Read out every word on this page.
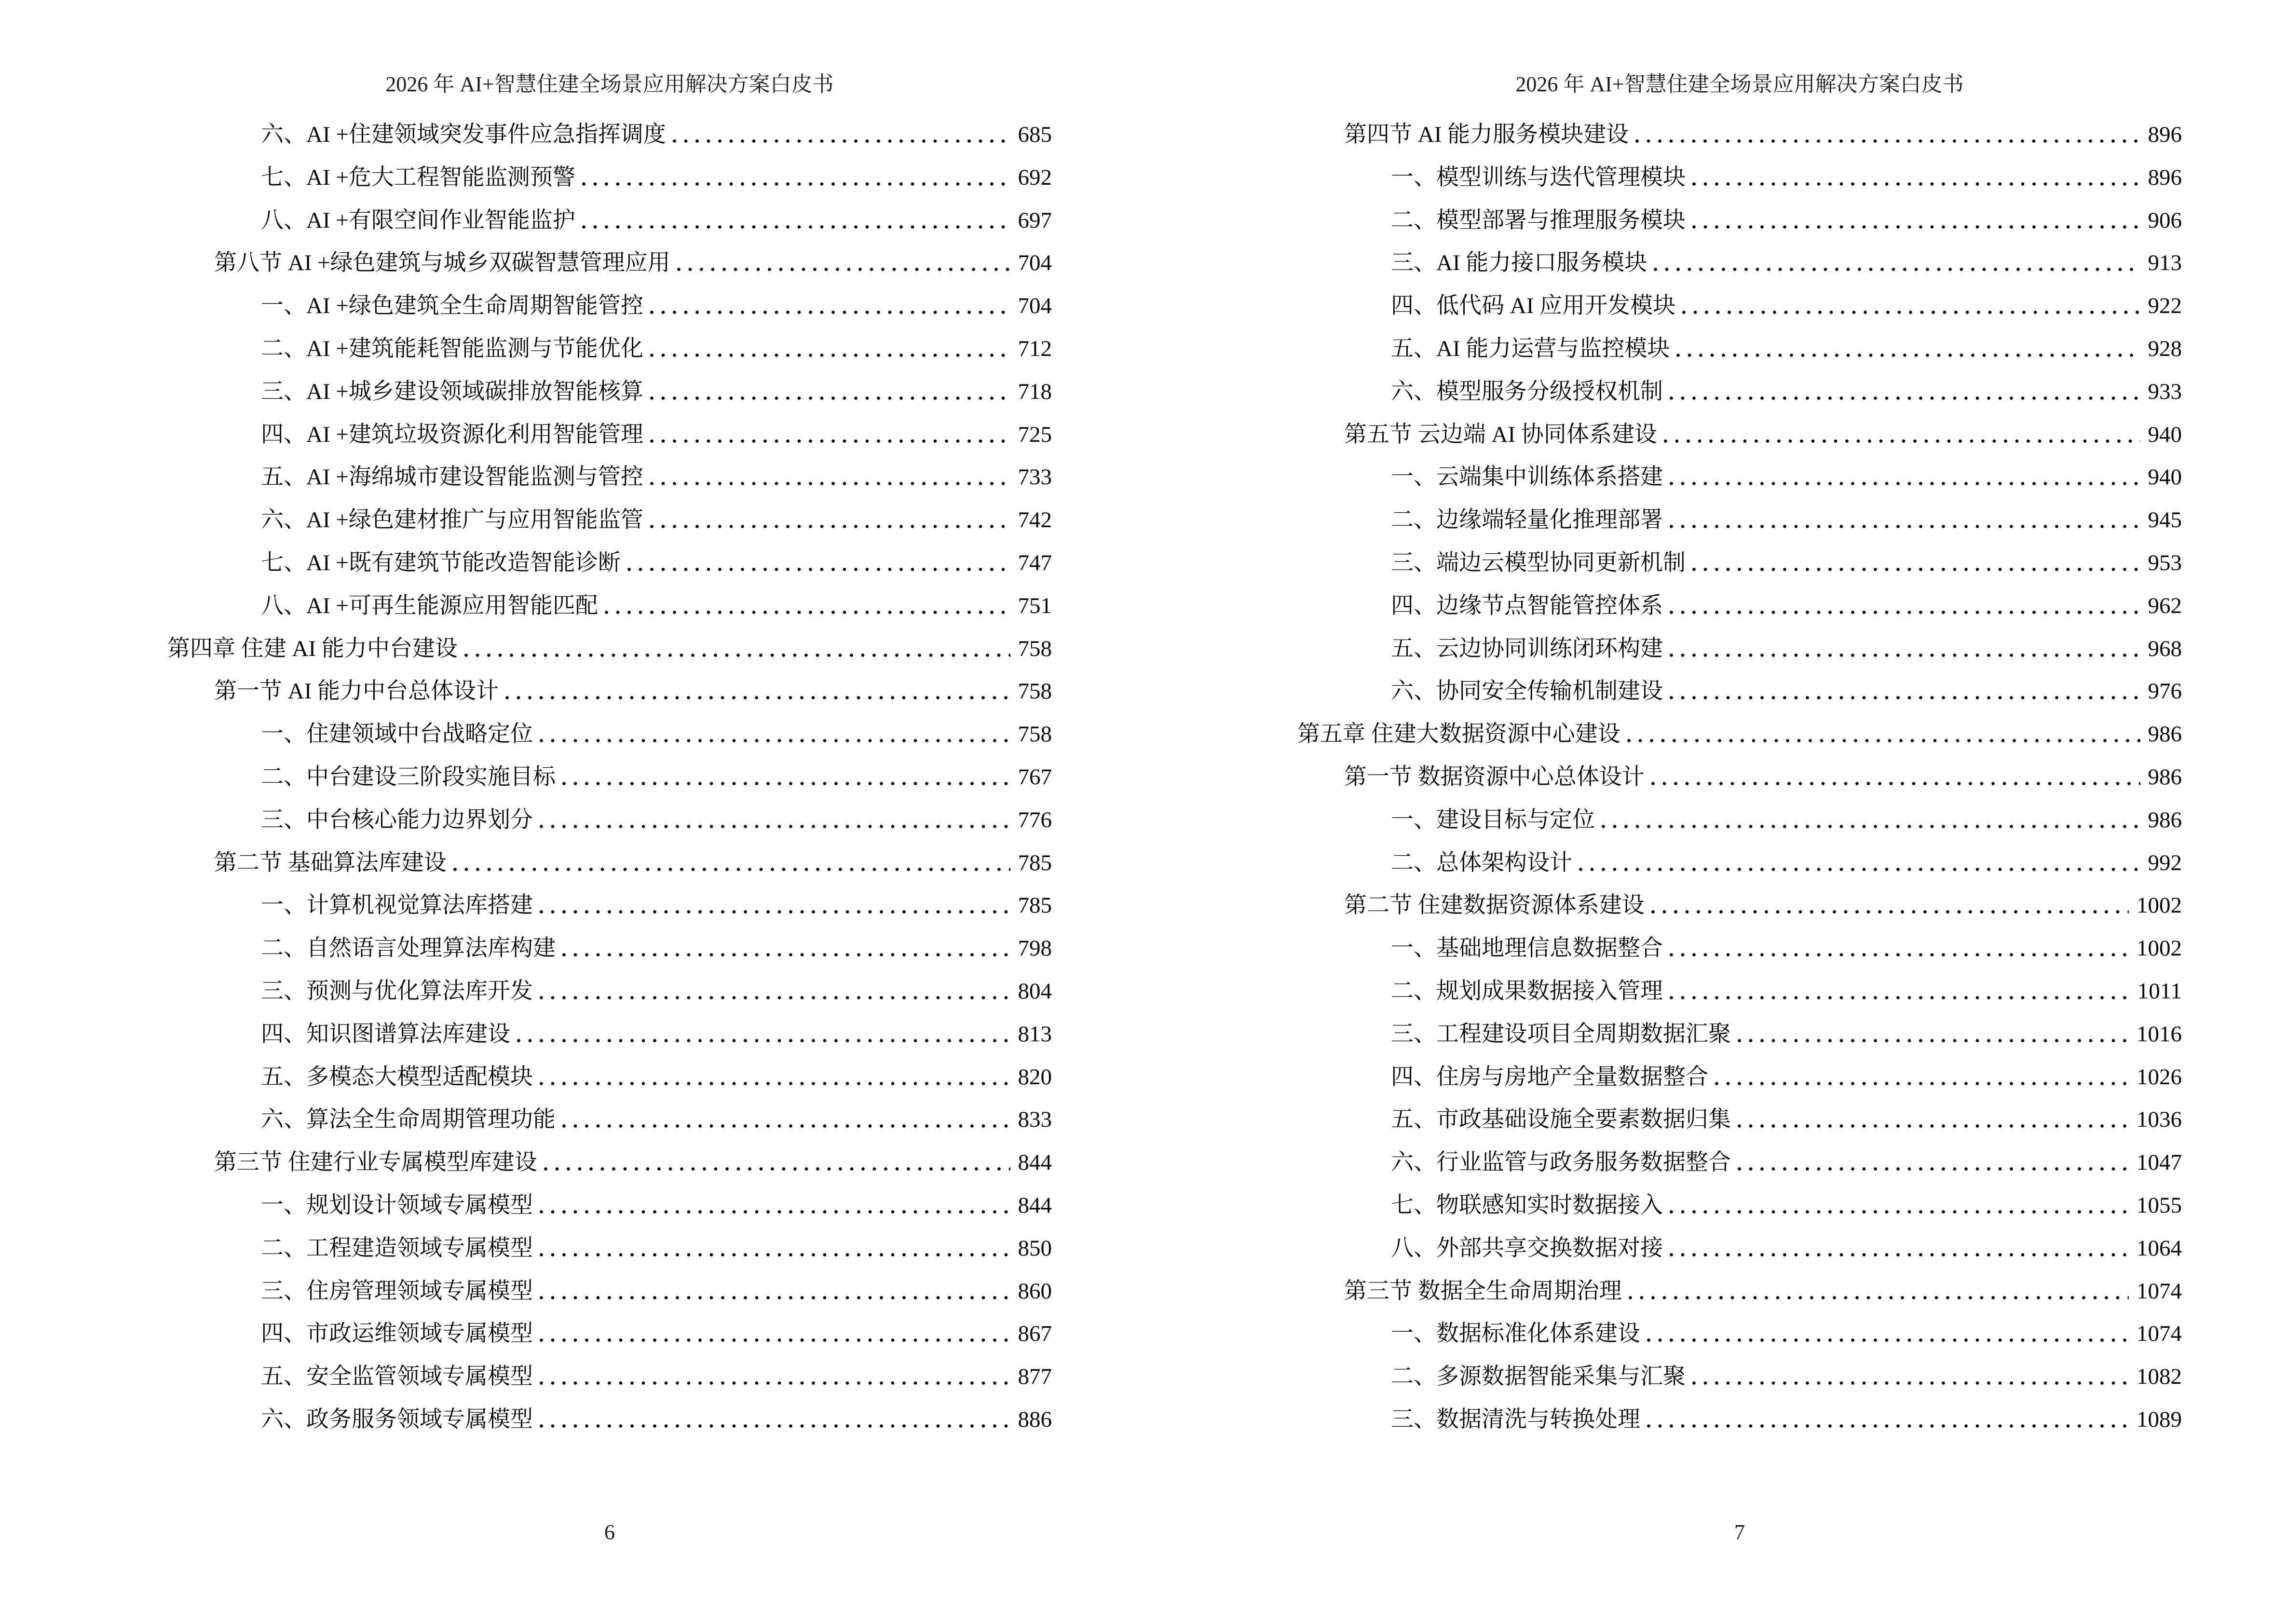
2026 年 AI+智慧住建全场景应用解决方案白皮书
六、AI +住建领域突发事件应急指挥调度	685
七、AI +危大工程智能监测预警	692
八、AI +有限空间作业智能监护	697
第八节 AI +绿色建筑与城乡双碳智慧管理应用	704
一、AI +绿色建筑全生命周期智能管控	704
二、AI +建筑能耗智能监测与节能优化	712
三、AI +城乡建设领域碳排放智能核算	718
四、AI +建筑垃圾资源化利用智能管理	725
五、AI +海绵城市建设智能监测与管控	733
六、AI +绿色建材推广与应用智能监管	742
七、AI +既有建筑节能改造智能诊断	747
八、AI +可再生能源应用智能匹配	751
第四章 住建 AI 能力中台建设	758
第一节 AI 能力中台总体设计	758
一、住建领域中台战略定位	758
二、中台建设三阶段实施目标	767
三、中台核心能力边界划分	776
第二节 基础算法库建设	785
一、计算机视觉算法库搭建	785
二、自然语言处理算法库构建	798
三、预测与优化算法库开发	804
四、知识图谱算法库建设	813
五、多模态大模型适配模块	820
六、算法全生命周期管理功能	833
第三节 住建行业专属模型库建设	844
一、规划设计领域专属模型	844
二、工程建造领域专属模型	850
三、住房管理领域专属模型	860
四、市政运维领域专属模型	867
五、安全监管领域专属模型	877
六、政务服务领域专属模型	886
6
2026 年 AI+智慧住建全场景应用解决方案白皮书
第四节 AI 能力服务模块建设	896
一、模型训练与迭代管理模块	896
二、模型部署与推理服务模块	906
三、AI 能力接口服务模块	913
四、低代码 AI 应用开发模块	922
五、AI 能力运营与监控模块	928
六、模型服务分级授权机制	933
第五节 云边端 AI 协同体系建设	940
一、云端集中训练体系搭建	940
二、边缘端轻量化推理部署	945
三、端边云模型协同更新机制	953
四、边缘节点智能管控体系	962
五、云边协同训练闭环构建	968
六、协同安全传输机制建设	976
第五章 住建大数据资源中心建设	986
第一节 数据资源中心总体设计	986
一、建设目标与定位	986
二、总体架构设计	992
第二节 住建数据资源体系建设	1002
一、基础地理信息数据整合	1002
二、规划成果数据接入管理	1011
三、工程建设项目全周期数据汇聚	1016
四、住房与房地产全量数据整合	1026
五、市政基础设施全要素数据归集	1036
六、行业监管与政务服务数据整合	1047
七、物联感知实时数据接入	1055
八、外部共享交换数据对接	1064
第三节 数据全生命周期治理	1074
一、数据标准化体系建设	1074
二、多源数据智能采集与汇聚	1082
三、数据清洗与转换处理	1089
7
